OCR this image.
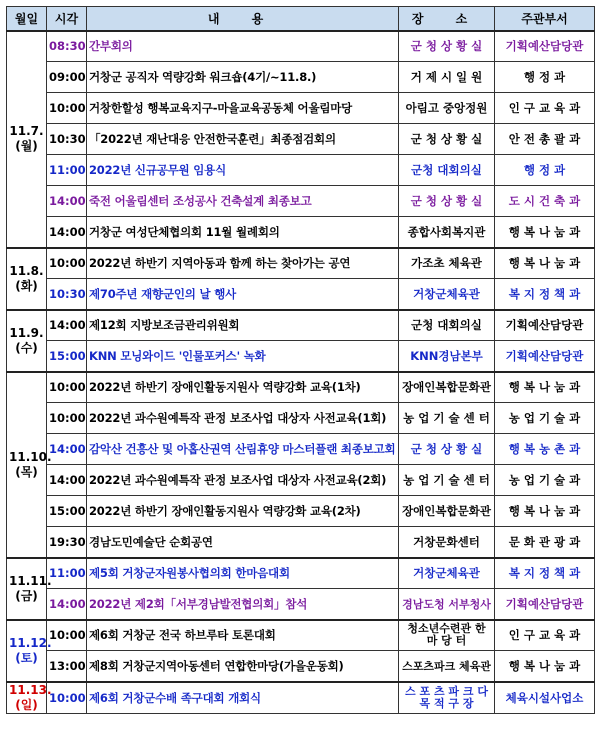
월일	시각	내 용	장 소	주관부서

11.7.
(월)	08:30	간부회의	군 청 상 황 실	기획예산담당관
	09:00	거창군 공직자 역량강화 워크숍(4기/~11.8.)	거 제 시 일 원	행 정 과
	10:00	거창한할성 행복교육지구-마을교육공동체 어울림마당	아림고 중앙정원	인 구 교 육 과
	10:30	「2022년 재난대응 안전한국훈련」최종점검회의	군 청 상 황 실	안 전 총 괄 과
	11:00	2022년 신규공무원 임용식	군청 대회의실	행 정 과
	14:00	죽전 어울림센터 조성공사 건축설계 최종보고	군 청 상 황 실	도 시 건 축 과
	14:00	거창군 여성단체협의회 11월 월례회의	종합사회복지관	행 복 나 눔 과

11.8.
(화)	10:00	2022년 하반기 지역아동과 함께 하는 찾아가는 공연	가조초 체육관	행 복 나 눔 과
	10:30	제70주년 재향군인의 날 행사	거창군체육관	복 지 정 책 과

11.9.
(수)	14:00	제12회 지방보조금관리위원회	군청 대회의실	기획예산담당관
	15:00	KNN 모닝와이드 '인물포커스' 녹화	KNN경남본부	기획예산담당관

11.10.
(목)	10:00	2022년 하반기 장애인활동지원사 역량강화 교육(1차)	장애인복합문화관	행 복 나 눔 과
	10:00	2022년 과수원예특작 관정 보조사업 대상자 사전교육(1회)	농 업 기 술 센 터	농 업 기 술 과
	14:00	감악산 건흥산 및 아홉산권역 산림휴양 마스터플랜 최종보고회	군 청 상 황 실	행 복 농 촌 과
	14:00	2022년 과수원예특작 관정 보조사업 대상자 사전교육(2회)	농 업 기 술 센 터	농 업 기 술 과
	15:00	2022년 하반기 장애인활동지원사 역량강화 교육(2차)	장애인복합문화관	행 복 나 눔 과
	19:30	경남도민예술단 순회공연	거창문화센터	문 화 관 광 과

11.11.
(금)	11:00	제5회 거창군자원봉사협의회 한마음대회	거창군체육관	복 지 정 책 과
	14:00	2022년 제2회「서부경남발전협의회」참석	경남도청 서부청사	기획예산담당관

11.12.
(토)	10:00	제6회 거창군 전국 하브루타 토론대회	청소년수련관 한 마 당 터	인 구 교 육 과
	13:00	제8회 거창군지역아동센터 연합한마당(가을운동회)	스포츠파크 체육관	행 복 나 눔 과

11.13.
(일)	10:00	제6회 거창군수배 족구대회 개회식	스 포 츠 파 크 다 목 적 구 장	체육시설사업소
